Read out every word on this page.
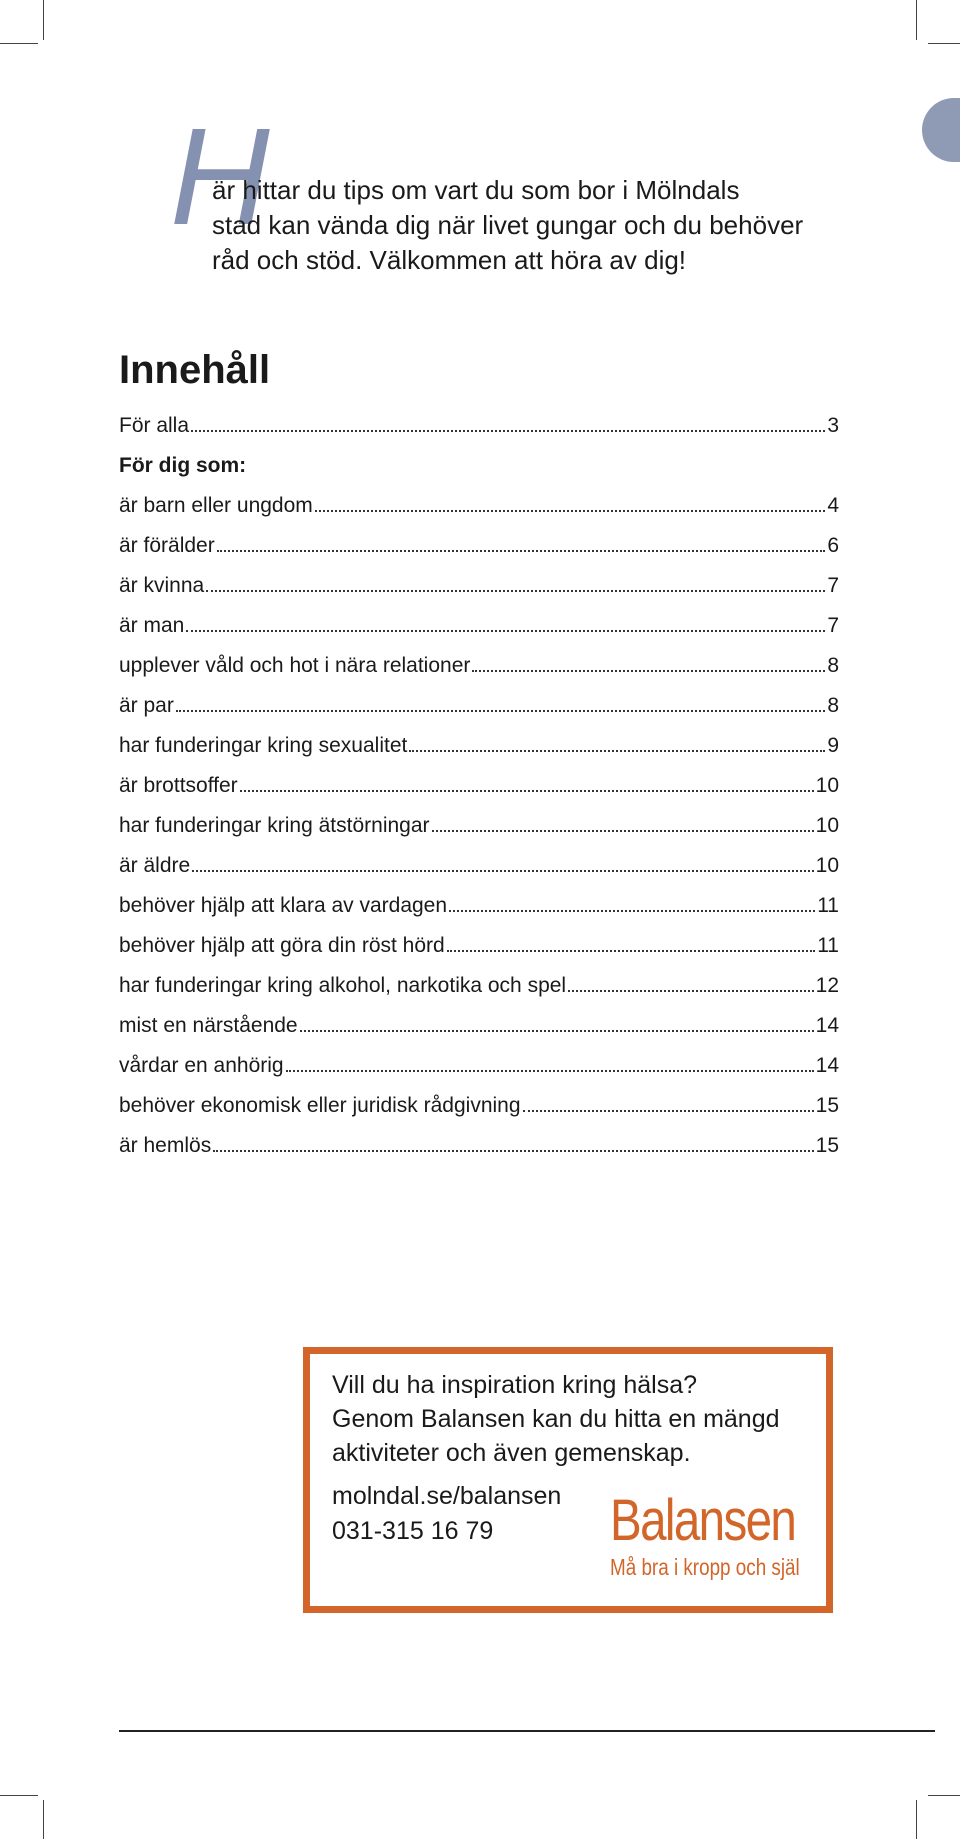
H
är hittar du tips om vart du som bor i Mölndals
stad kan vända dig när livet gungar och du behöver
råd och stöd. Välkommen att höra av dig!
Innehåll
För alla	3
För dig som:
är barn eller ungdom	4
är förälder	6
är kvinna	7
är man	7
upplever våld och hot i nära relationer	8
är par	8
har funderingar kring sexualitet	9
är brottsoffer	10
har funderingar kring ätstörningar	10
är äldre	10
behöver hjälp att klara av vardagen	11
behöver hjälp att göra din röst hörd	11
har funderingar kring alkohol, narkotika och spel	12
mist en närstående	14
vårdar en anhörig	14
behöver ekonomisk eller juridisk rådgivning	15
är hemlös	15
Vill du ha inspiration kring hälsa?
Genom Balansen kan du hitta en mängd
aktiviteter och även gemenskap.
molndal.se/balansen
031-315 16 79	Balansen
Må bra i kropp och själ
